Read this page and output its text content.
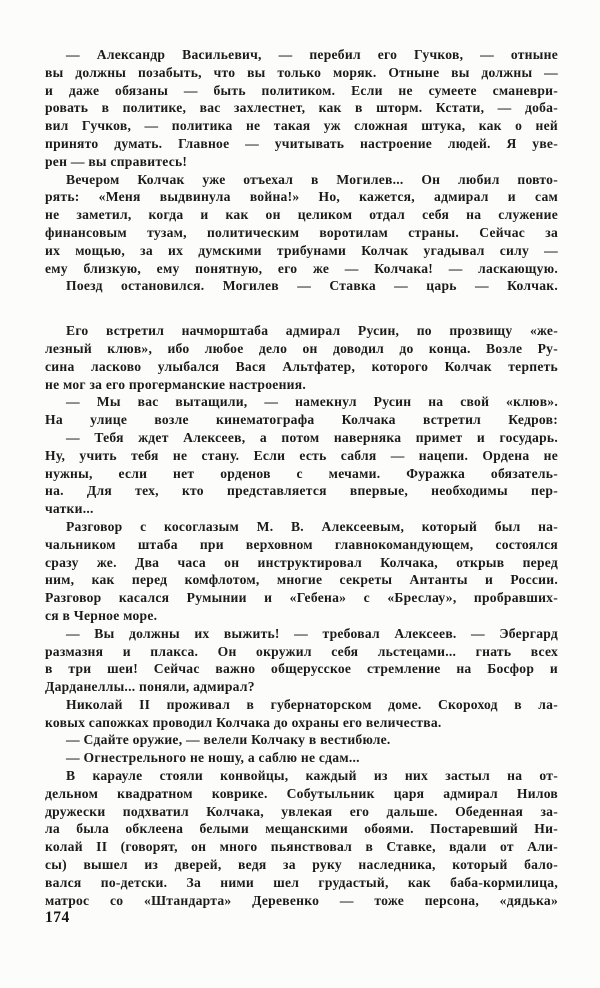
— Александр Васильевич, — перебил его Гучков, — отныне
вы должны позабыть, что вы только моряк. Отныне вы должны —
и даже обязаны — быть политиком. Если не сумеете сманеври-
ровать в политике, вас захлестнет, как в шторм. Кстати, — доба-
вил Гучков, — политика не такая уж сложная штука, как о ней
принято думать. Главное — учитывать настроение людей. Я уве-
рен — вы справитесь!
Вечером Колчак уже отъехал в Могилев... Он любил повто-
рять: «Меня выдвинула война!» Но, кажется, адмирал и сам
не заметил, когда и как он целиком отдал себя на служение
финансовым тузам, политическим воротилам страны. Сейчас за
их мощью, за их думскими трибунами Колчак угадывал силу —
ему близкую, ему понятную, его же — Колчака! — ласкающую.
Поезд остановился. Могилев — Ставка — царь — Колчак.
Его встретил начморштаба адмирал Русин, по прозвищу «же-
лезный клюв», ибо любое дело он доводил до конца. Возле Ру-
сина ласково улыбался Вася Альтфатер, которого Колчак терпеть
не мог за его прогерманские настроения.
— Мы вас вытащили, — намекнул Русин на свой «клюв».
На улице возле кинематографа Колчака встретил Кедров:
— Тебя ждет Алексеев, а потом наверняка примет и государь.
Ну, учить тебя не стану. Если есть сабля — нацепи. Ордена не
нужны, если нет орденов с мечами. Фуражка обязатель-
на. Для тех, кто представляется впервые, необходимы пер-
чатки...
Разговор с косоглазым М. В. Алексеевым, который был на-
чальником штаба при верховном главнокомандующем, состоялся
сразу же. Два часа он инструктировал Колчака, открыв перед
ним, как перед комфлотом, многие секреты Антанты и России.
Разговор касался Румынии и «Гебена» с «Бреслау», пробравших-
ся в Черное море.
— Вы должны их выжить! — требовал Алексеев. — Эбергард
размазня и плакса. Он окружил себя льстецами... гнать всех
в три шеи! Сейчас важно общерусское стремление на Босфор и
Дарданеллы... поняли, адмирал?
Николай II проживал в губернаторском доме. Скороход в ла-
ковых сапожках проводил Колчака до охраны его величества.
— Сдайте оружие, — велели Колчаку в вестибюле.
— Огнестрельного не ношу, а саблю не сдам...
В карауле стояли конвойцы, каждый из них застыл на от-
дельном квадратном коврике. Собутыльник царя адмирал Нилов
дружески подхватил Колчака, увлекая его дальше. Обеденная за-
ла была обклеена белыми мещанскими обоями. Постаревший Ни-
колай II (говорят, он много пьянствовал в Ставке, вдали от Али-
сы) вышел из дверей, ведя за руку наследника, который бало-
вался по-детски. За ними шел грудастый, как баба-кормилица,
матрос со «Штандарта» Деревенко — тоже персона, «дядька»
174
